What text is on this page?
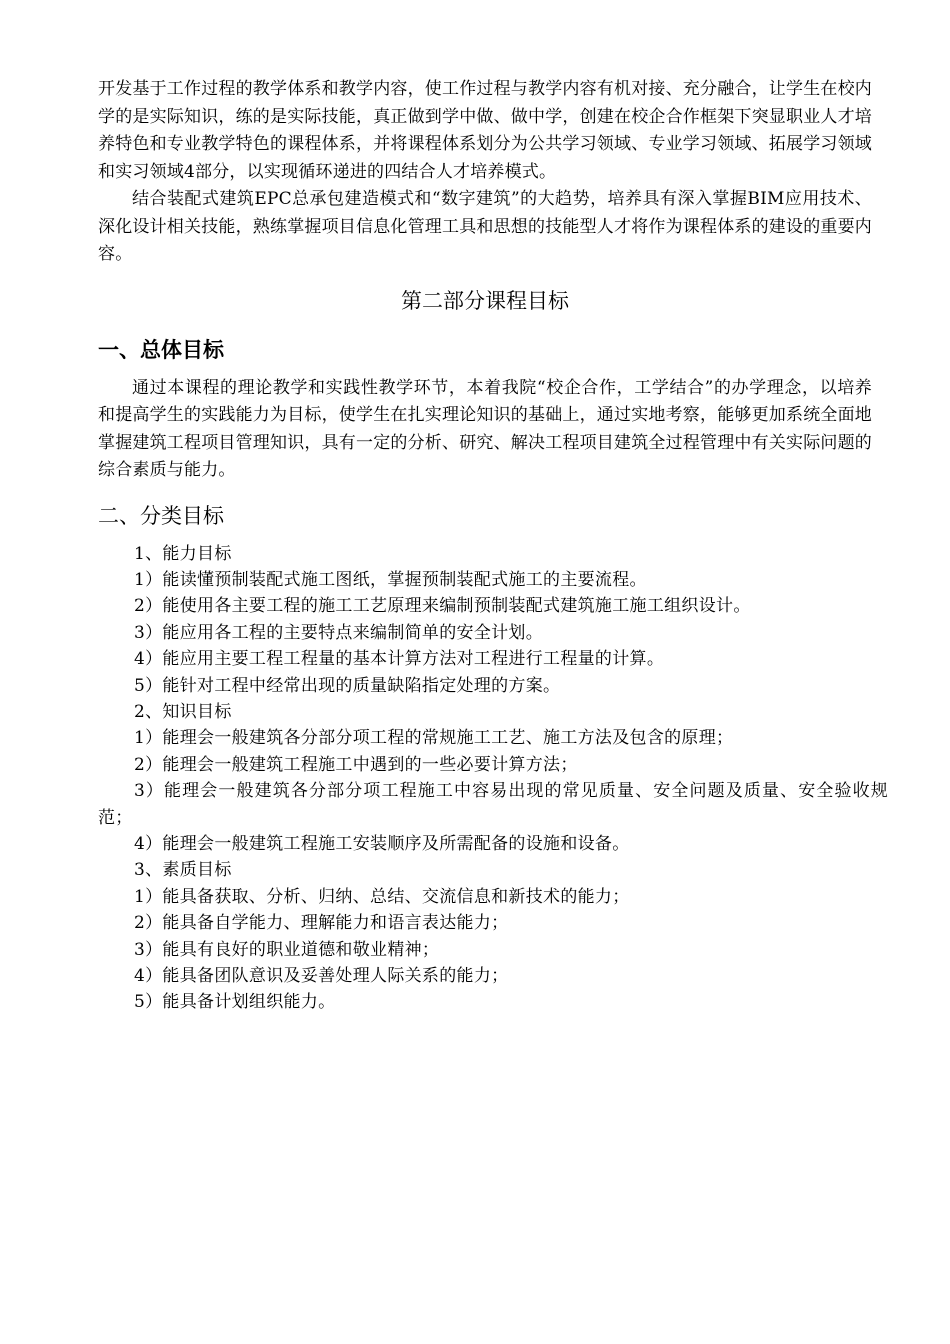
开发基于工作过程的教学体系和教学内容，使工作过程与教学内容有机对接、充分融合，让学生在校内学的是实际知识，练的是实际技能，真正做到学中做、做中学，创建在校企合作框架下突显职业人才培养特色和专业教学特色的课程体系，并将课程体系划分为公共学习领域、专业学习领域、拓展学习领域和实习领域4部分，以实现循环递进的四结合人才培养模式。

结合装配式建筑EPC总承包建造模式和“数字建筑”的大趋势，培养具有深入掌握BIM应用技术、深化设计相关技能，熟练掌握项目信息化管理工具和思想的技能型人才将作为课程体系的建设的重要内容。

第二部分课程目标
一、总体目标

通过本课程的理论教学和实践性教学环节，本着我院“校企合作，工学结合”的办学理念，以培养和提高学生的实践能力为目标，使学生在扎实理论知识的基础上，通过实地考察，能够更加系统全面地掌握建筑工程项目管理知识，具有一定的分析、研究、解决工程项目建筑全过程管理中有关实际问题的综合素质与能力。

二、分类目标

1、能力目标

1）能读懂预制装配式施工图纸，掌握预制装配式施工的主要流程。

2）能使用各主要工程的施工工艺原理来编制预制装配式建筑施工施工组织设计。

3）能应用各工程的主要特点来编制简单的安全计划。

4）能应用主要工程工程量的基本计算方法对工程进行工程量的计算。

5）能针对工程中经常出现的质量缺陷指定处理的方案。

2、知识目标

1）能理会一般建筑各分部分项工程的常规施工工艺、施工方法及包含的原理；

2）能理会一般建筑工程施工中遇到的一些必要计算方法；

3）能理会一般建筑各分部分项工程施工中容易出现的常见质量、安全问题及质量、安全验收规范；

4）能理会一般建筑工程施工安装顺序及所需配备的设施和设备。

3、素质目标

1）能具备获取、分析、归纳、总结、交流信息和新技术的能力；

2）能具备自学能力、理解能力和语言表达能力；

3）能具有良好的职业道德和敬业精神；

4）能具备团队意识及妥善处理人际关系的能力；

5）能具备计划组织能力。
